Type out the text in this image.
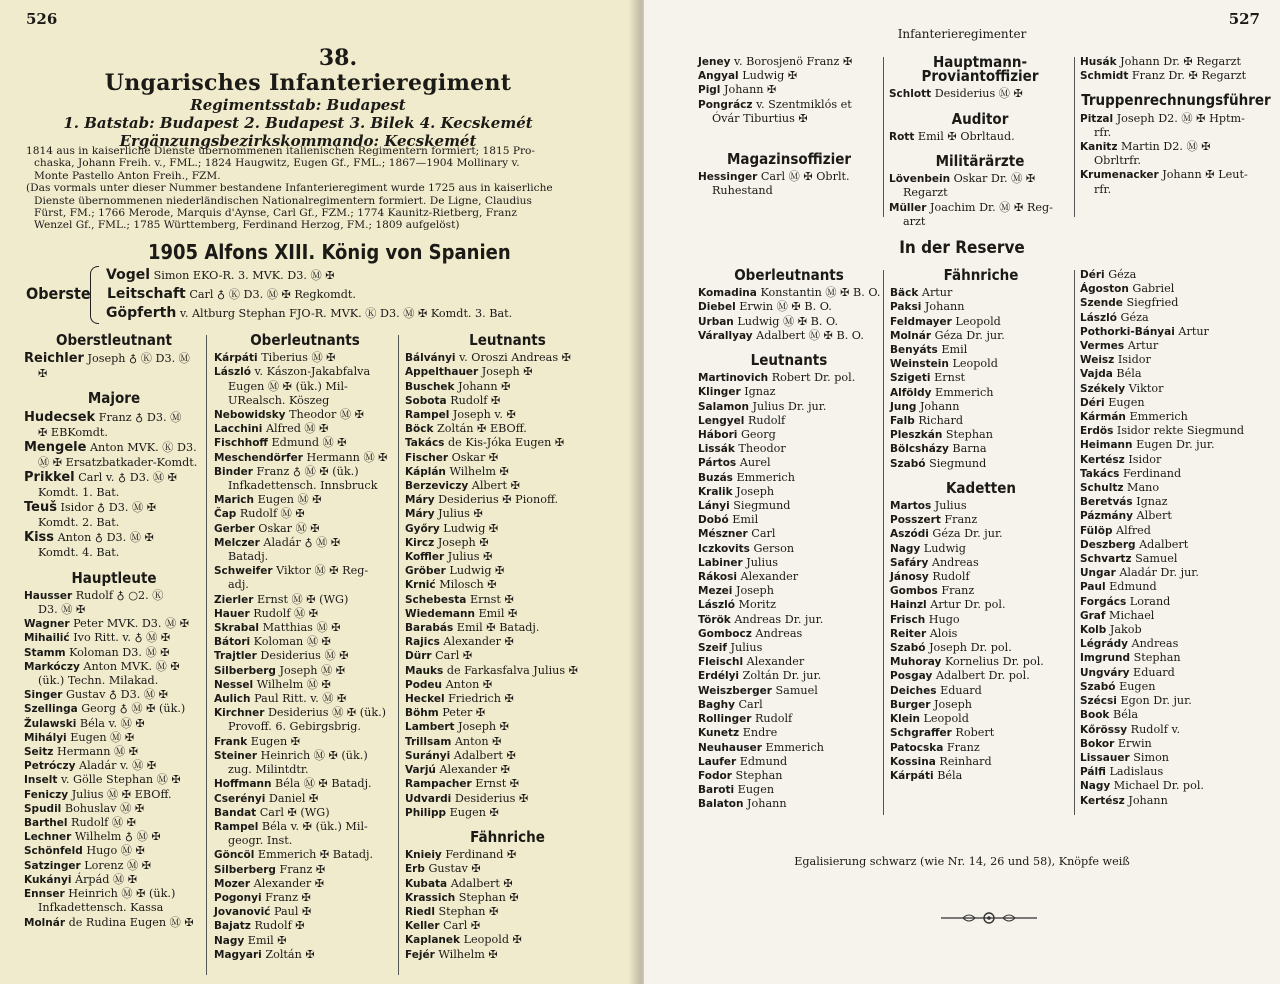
526
38.
Ungarisches Infanterieregiment
Regimentsstab: Budapest
1. Batstab: Budapest 2. Budapest 3. Bilek 4. Kecskemét
Ergänzungsbezirkskommando: Kecskemét
1814 aus in kaiserliche Dienste übernommenen italienischen Regimentern formiert; 1815 Pro-
chaska, Johann Freih. v., FML.; 1824 Haugwitz, Eugen Gf., FML.; 1867—1904 Mollinary v.
Monte Pastello Anton Freih., FZM.
(Das vormals unter dieser Nummer bestandene Infanterieregiment wurde 1725 aus in kaiserliche
Dienste übernommenen niederländischen Nationalregimentern formiert. De Ligne, Claudius
Fürst, FM.; 1766 Merode, Marquis d'Aynse, Carl Gf., FZM.; 1774 Kaunitz-Rietberg, Franz
Wenzel Gf., FML.; 1785 Württemberg, Ferdinand Herzog, FM.; 1809 aufgelöst)
1905 Alfons XIII. König von Spanien
Oberste
Vogel Simon EKO-R. 3. MVK. D3. Ⓜ ✠
Leitschaft Carl ♁ Ⓚ D3. Ⓜ ✠ Regkomdt.
Göpferth v. Altburg Stephan FJO-R. MVK. Ⓚ D3. Ⓜ ✠ Komdt. 3. Bat.
Oberstleutnant
Reichler Joseph ♁ Ⓚ D3. Ⓜ
✠
Majore
Hudecsek Franz ♁ D3. Ⓜ
✠ EBKomdt.
Mengele Anton MVK. Ⓚ D3.
Ⓜ ✠ Ersatzbatkader-Komdt.
Prikkel Carl v. ♁ D3. Ⓜ ✠
Komdt. 1. Bat.
Teuš Isidor ♁ D3. Ⓜ ✠
Komdt. 2. Bat.
Kiss Anton ♁ D3. Ⓜ ✠
Komdt. 4. Bat.
Hauptleute
Hausser Rudolf ♁ ○2. Ⓚ
D3. Ⓜ ✠
Wagner Peter MVK. D3. Ⓜ ✠
Mihailić Ivo Ritt. v. ♁ Ⓜ ✠
Stamm Koloman D3. Ⓜ ✠
Markóczy Anton MVK. Ⓜ ✠
(ük.) Techn. Milakad.
Singer Gustav ♁ D3. Ⓜ ✠
Szellinga Georg ♁ Ⓜ ✠ (ük.)
Žulawski Béla v. Ⓜ ✠
Mihályi Eugen Ⓜ ✠
Seitz Hermann Ⓜ ✠
Petróczy Aladár v. Ⓜ ✠
Inselt v. Gölle Stephan Ⓜ ✠
Feniczy Julius Ⓜ ✠ EBOff.
Spudil Bohuslav Ⓜ ✠
Barthel Rudolf Ⓜ ✠
Lechner Wilhelm ♁ Ⓜ ✠
Schönfeld Hugo Ⓜ ✠
Satzinger Lorenz Ⓜ ✠
Kukányi Árpád Ⓜ ✠
Ennser Heinrich Ⓜ ✠ (ük.)
Infkadettensch. Kassa
Molnár de Rudina Eugen Ⓜ ✠
Oberleutnants
Kárpáti Tiberius Ⓜ ✠
László v. Kászon-Jakabfalva
Eugen Ⓜ ✠ (ük.) Mil-
URealsch. Köszeg
Nebowidsky Theodor Ⓜ ✠
Lacchini Alfred Ⓜ ✠
Fischhoff Edmund Ⓜ ✠
Meschendörfer Hermann Ⓜ ✠
Binder Franz ♁ Ⓜ ✠ (ük.)
Infkadettensch. Innsbruck
Marich Eugen Ⓜ ✠
Čap Rudolf Ⓜ ✠
Gerber Oskar Ⓜ ✠
Melczer Aladár ♁ Ⓜ ✠
Batadj.
Schweifer Viktor Ⓜ ✠ Reg-
adj.
Zierler Ernst Ⓜ ✠ (WG)
Hauer Rudolf Ⓜ ✠
Skrabal Matthias Ⓜ ✠
Bátori Koloman Ⓜ ✠
Trajtler Desiderius Ⓜ ✠
Silberberg Joseph Ⓜ ✠
Nessel Wilhelm Ⓜ ✠
Aulich Paul Ritt. v. Ⓜ ✠
Kirchner Desiderius Ⓜ ✠ (ük.)
Provoff. 6. Gebirgsbrig.
Frank Eugen ✠
Steiner Heinrich Ⓜ ✠ (ük.)
zug. Milintdtr.
Hoffmann Béla Ⓜ ✠ Batadj.
Cserényi Daniel ✠
Bandat Carl ✠ (WG)
Rampel Béla v. ✠ (ük.) Mil-
geogr. Inst.
Göncöl Emmerich ✠ Batadj.
Silberberg Franz ✠
Mozer Alexander ✠
Pogonyi Franz ✠
Jovanović Paul ✠
Bajatz Rudolf ✠
Nagy Emil ✠
Magyari Zoltán ✠
Leutnants
Bálványi v. Oroszi Andreas ✠
Appelthauer Joseph ✠
Buschek Johann ✠
Sobota Rudolf ✠
Rampel Joseph v. ✠
Böck Zoltán ✠ EBOff.
Takács de Kis-Jóka Eugen ✠
Fischer Oskar ✠
Káplán Wilhelm ✠
Berzeviczy Albert ✠
Máry Desiderius ✠ Pionoff.
Máry Julius ✠
Győry Ludwig ✠
Kircz Joseph ✠
Koffler Julius ✠
Gröber Ludwig ✠
Krnić Milosch ✠
Schebesta Ernst ✠
Wiedemann Emil ✠
Barabás Emil ✠ Batadj.
Rajics Alexander ✠
Dürr Carl ✠
Mauks de Farkasfalva Julius ✠
Podeu Anton ✠
Heckel Friedrich ✠
Böhm Peter ✠
Lambert Joseph ✠
Trillsam Anton ✠
Surányi Adalbert ✠
Varjú Alexander ✠
Rampacher Ernst ✠
Udvardi Desiderius ✠
Philipp Eugen ✠
Fähnriche
Knieiy Ferdinand ✠
Erb Gustav ✠
Kubata Adalbert ✠
Krassich Stephan ✠
Riedl Stephan ✠
Keller Carl ✠
Kaplanek Leopold ✠
Fejér Wilhelm ✠
Infanterieregimenter
527
Jeney v. Borosjenö Franz ✠
Angyal Ludwig ✠
Pigl Johann ✠
Pongrácz v. Szentmiklós et
Óvár Tiburtius ✠
Magazinsoffizier
Hessinger Carl Ⓜ ✠ Obrlt.
Ruhestand
Hauptmann-Proviantoffizier
Schlott Desiderius Ⓜ ✠
Auditor
Rott Emil ✠ Obrltaud.
Militärärzte
Lövenbein Oskar Dr. Ⓜ ✠
Regarzt
Müller Joachim Dr. Ⓜ ✠ Reg-
arzt
Husák Johann Dr. ✠ Regarzt
Schmidt Franz Dr. ✠ Regarzt
Truppenrechnungsführer
Pitzal Joseph D2. Ⓜ ✠ Hptm-
rfr.
Kanitz Martin D2. Ⓜ ✠
Obrltrfr.
Krumenacker Johann ✠ Leut-
rfr.
In der Reserve
Oberleutnants
Komadina Konstantin Ⓜ ✠ B. O.
Diebel Erwin Ⓜ ✠ B. O.
Urban Ludwig Ⓜ ✠ B. O.
Várallyay Adalbert Ⓜ ✠ B. O.
Leutnants
Martinovich Robert Dr. pol.
Klinger Ignaz
Salamon Julius Dr. jur.
Lengyel Rudolf
Hábori Georg
Lissák Theodor
Pártos Aurel
Buzás Emmerich
Kralik Joseph
Lányi Siegmund
Dobó Emil
Mészner Carl
Iczkovits Gerson
Labiner Julius
Rákosi Alexander
Mezei Joseph
László Moritz
Török Andreas Dr. jur.
Gombocz Andreas
Szeif Julius
Fleischl Alexander
Erdélyi Zoltán Dr. jur.
Weiszberger Samuel
Baghy Carl
Rollinger Rudolf
Kunetz Endre
Neuhauser Emmerich
Laufer Edmund
Fodor Stephan
Baroti Eugen
Balaton Johann
Fähnriche
Bäck Artur
Paksi Johann
Feldmayer Leopold
Molnár Géza Dr. jur.
Benyáts Emil
Weinstein Leopold
Szigeti Ernst
Alföldy Emmerich
Jung Johann
Falb Richard
Pleszkán Stephan
Bölcsházy Barna
Szabó Siegmund
Kadetten
Martos Julius
Posszert Franz
Aszódi Géza Dr. jur.
Nagy Ludwig
Safáry Andreas
Jánosy Rudolf
Gombos Franz
Hainzl Artur Dr. pol.
Frisch Hugo
Reiter Alois
Szabó Joseph Dr. pol.
Muhoray Kornelius Dr. pol.
Posgay Adalbert Dr. pol.
Deiches Eduard
Burger Joseph
Klein Leopold
Schgraffer Robert
Patocska Franz
Kossina Reinhard
Kárpáti Béla
Déri Géza
Ágoston Gabriel
Szende Siegfried
László Géza
Pothorki-Bányai Artur
Vermes Artur
Weisz Isidor
Vajda Béla
Székely Viktor
Déri Eugen
Kármán Emmerich
Erdös Isidor rekte Siegmund
Heimann Eugen Dr. jur.
Kertész Isidor
Takács Ferdinand
Schultz Mano
Beretvás Ignaz
Pázmány Albert
Fülöp Alfred
Deszberg Adalbert
Schvartz Samuel
Ungar Aladár Dr. jur.
Paul Edmund
Forgács Lorand
Graf Michael
Kolb Jakob
Légrády Andreas
Imgrund Stephan
Ungváry Eduard
Szabó Eugen
Szécsi Egon Dr. jur.
Book Béla
Kőrössy Rudolf v.
Bokor Erwin
Lissauer Simon
Pálfi Ladislaus
Nagy Michael Dr. pol.
Kertész Johann
Egalisierung schwarz (wie Nr. 14, 26 und 58), Knöpfe weiß
